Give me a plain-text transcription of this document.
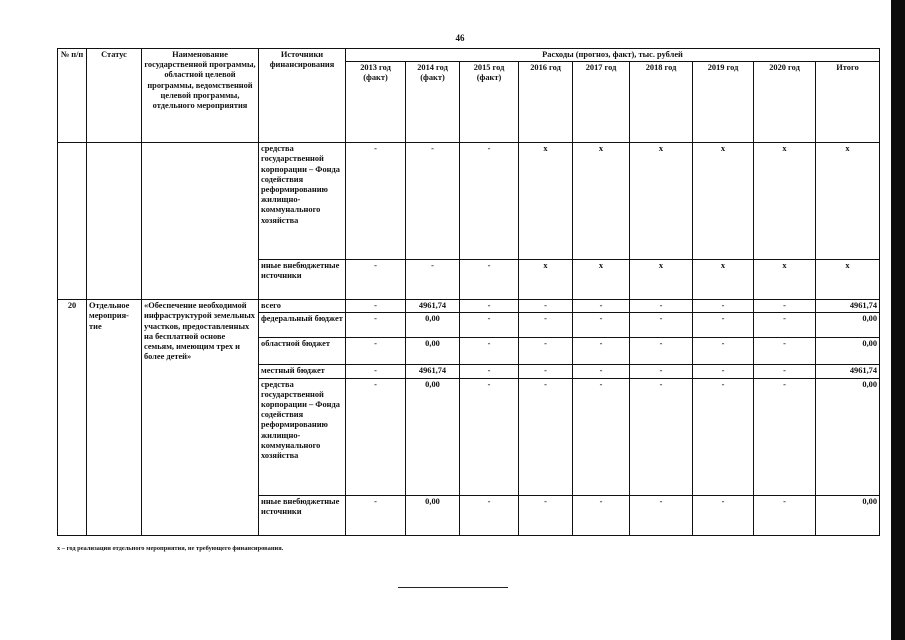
46
№ п/п	Статус	Наименование государственной программы, областной целевой программы, ведомственной целевой программы, отдельного мероприятия	Источники финансирования	Расходы (прогноз, факт), тыс. рублей								
				2013 год (факт)	2014 год (факт)	2015 год (факт)	2016 год	2017 год	2018 год	2019 год	2020 год	Итого
			средства государственной корпорации – Фонда содействия реформированию жилищно-коммунального хозяйства	-	-	-	x	x	x	x	x	x
			иные внебюджетные источники	-	-	-	x	x	x	x	x	x
20	Отдельное мероприя-тие	«Обеспечение необходимой инфраструктурой земельных участков, предоставленных на бесплатной основе семьям, имеющим трех и более детей»	всего	-	4961,74	-	-	-	-	-	-	4961,74
			федеральный бюджет	-	0,00	-	-	-	-	-	-	0,00
			областной бюджет	-	0,00	-	-	-	-	-	-	0,00
			местный бюджет	-	4961,74	-	-	-	-	-	-	4961,74
			средства государственной корпорации – Фонда содействия реформированию жилищно-коммунального хозяйства	-	0,00	-	-	-	-	-	-	0,00
			иные внебюджетные источники	-	0,00	-	-	-	-	-	-	0,00
x – год реализации отдельного мероприятия, не требующего финансирования.
